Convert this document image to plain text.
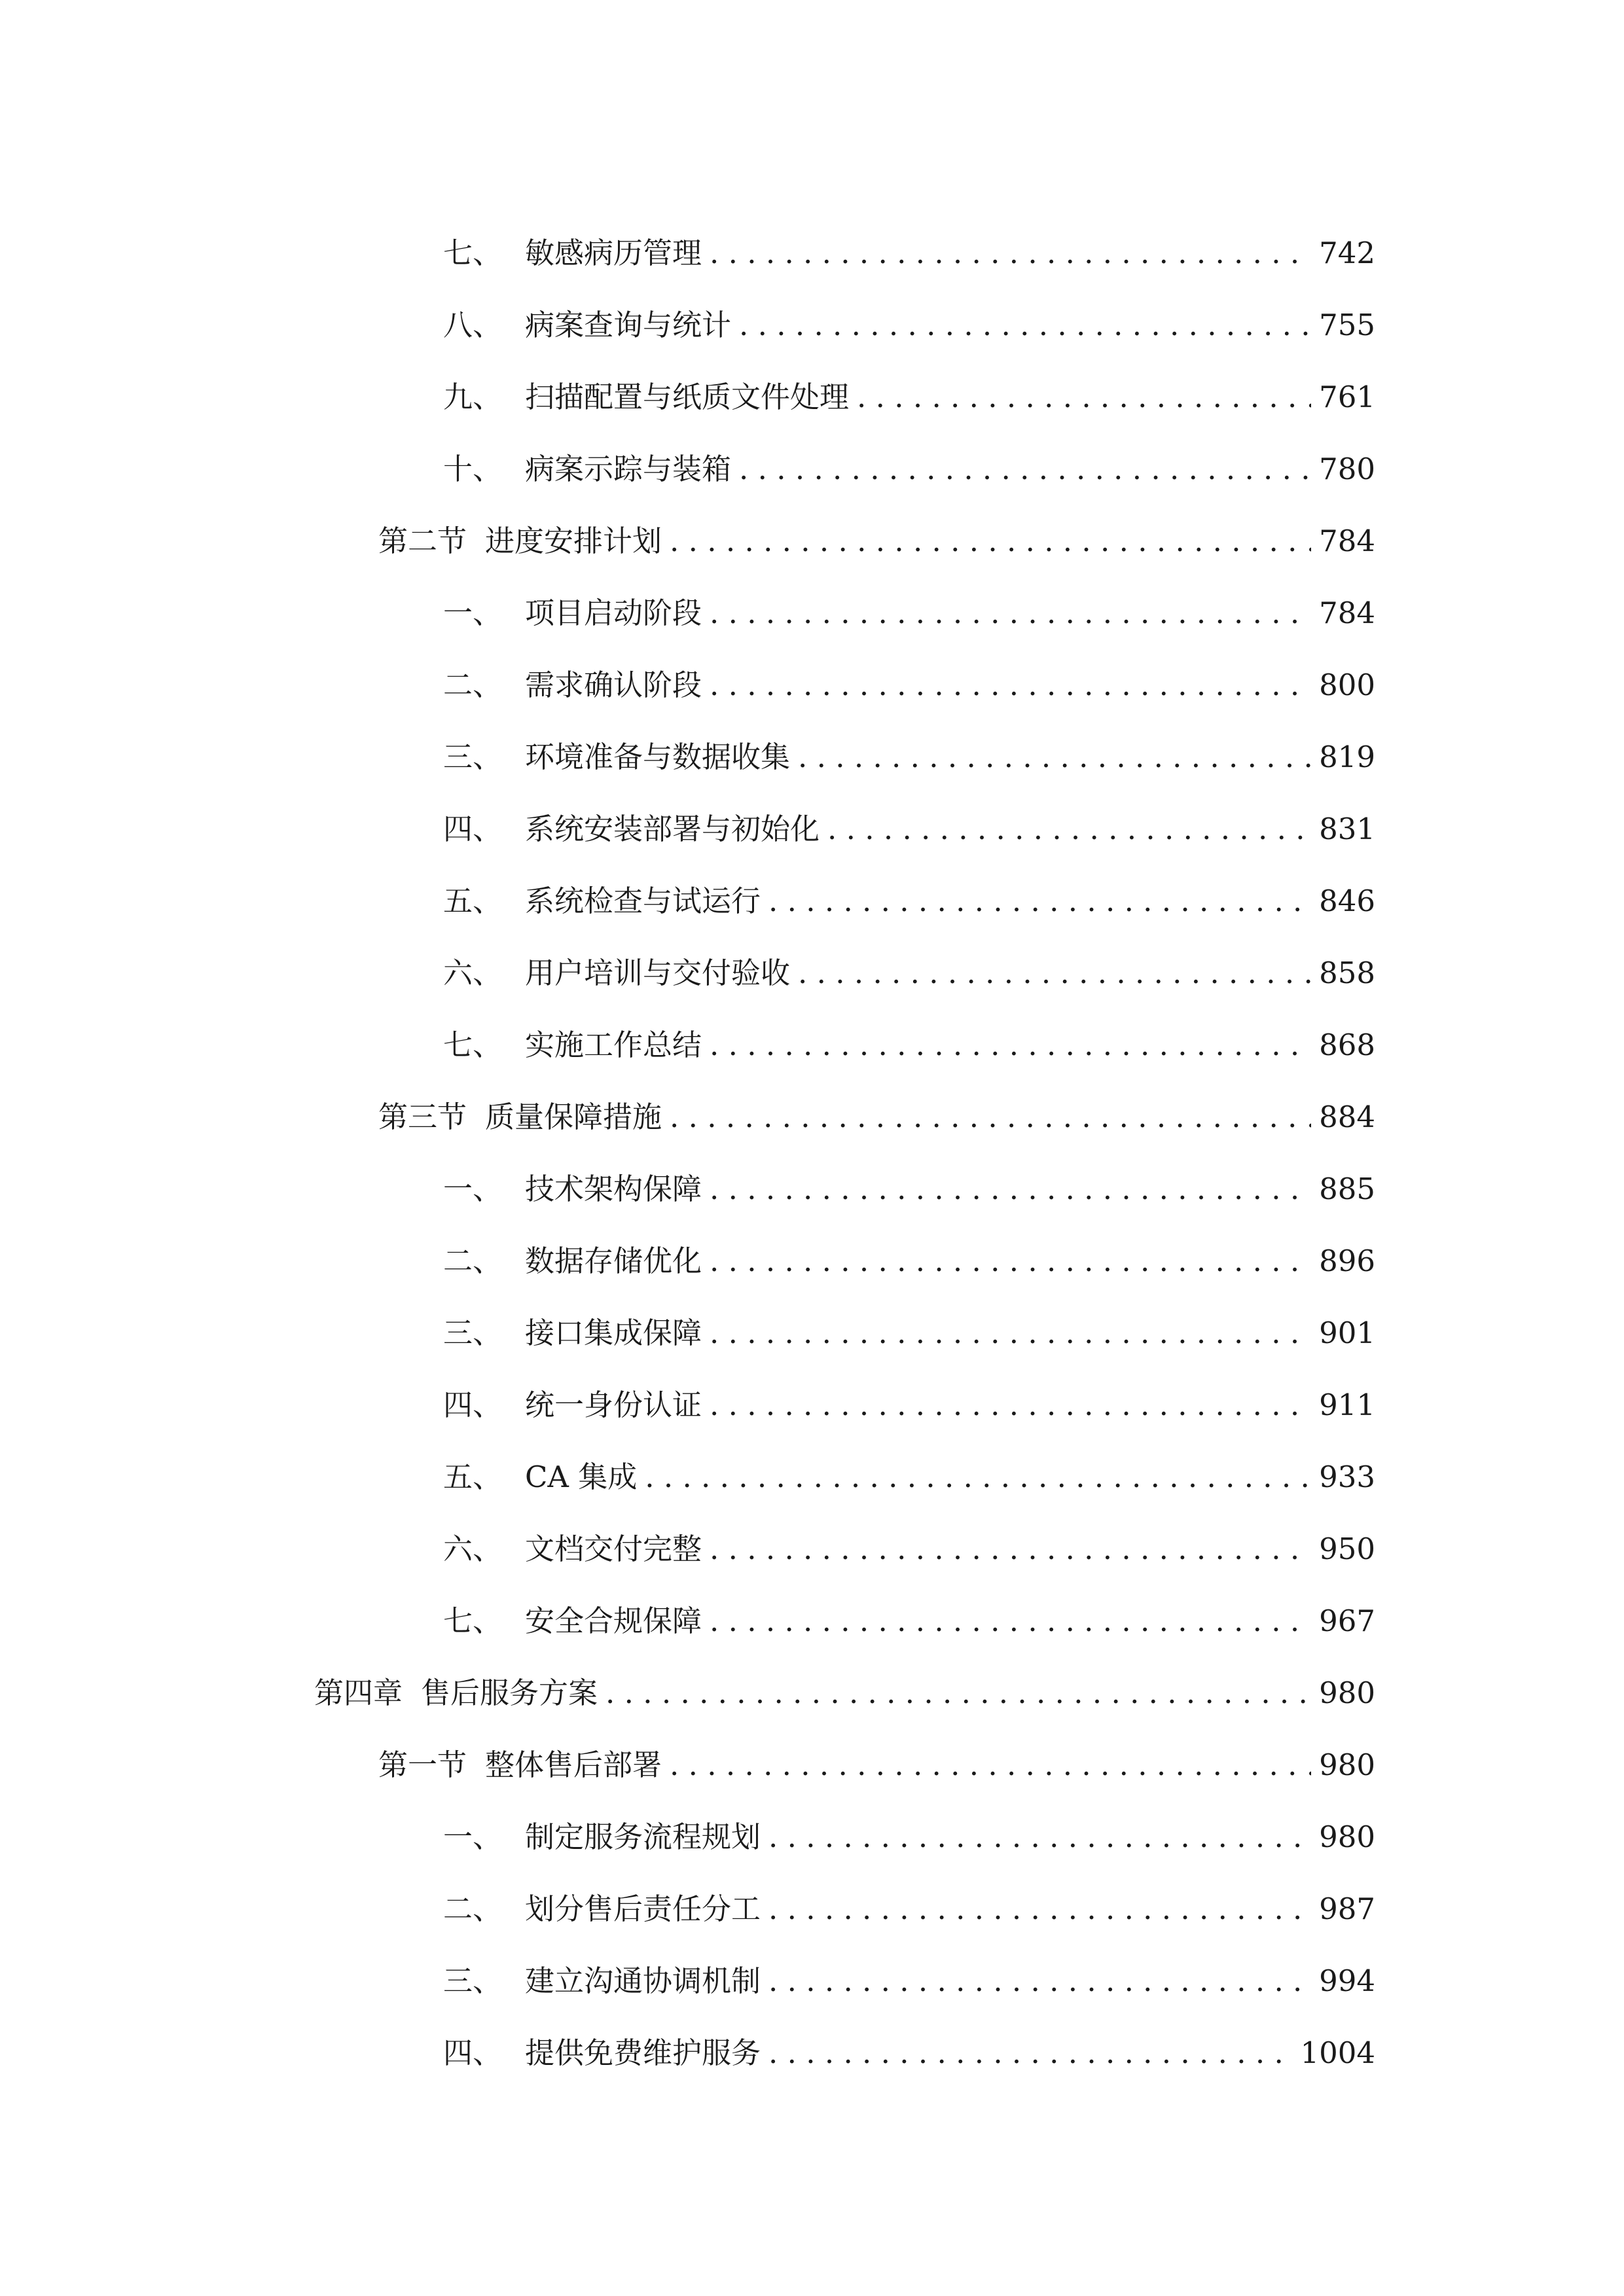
七、 敏感病历管理 . . .	742
八、 病案查询与统计 . . .	755
九、 扫描配置与纸质文件处理 . . .	761
十、 病案示踪与装箱 . . .	780
第二节 进度安排计划 . . .	784
一、 项目启动阶段 . . .	784
二、 需求确认阶段 . . .	800
三、 环境准备与数据收集 . . .	819
四、 系统安装部署与初始化 . . .	831
五、 系统检查与试运行 . . .	846
六、 用户培训与交付验收 . . .	858
七、 实施工作总结 . . .	868
第三节 质量保障措施 . . .	884
一、 技术架构保障 . . .	885
二、 数据存储优化 . . .	896
三、 接口集成保障 . . .	901
四、 统一身份认证 . . .	911
五、 CA 集成 . . .	933
六、 文档交付完整 . . .	950
七、 安全合规保障 . . .	967
第四章 售后服务方案 . . .	980
第一节 整体售后部署 . . .	980
一、 制定服务流程规划 . . .	980
二、 划分售后责任分工 . . .	987
三、 建立沟通协调机制 . . .	994
四、 提供免费维护服务 . . .	1004
